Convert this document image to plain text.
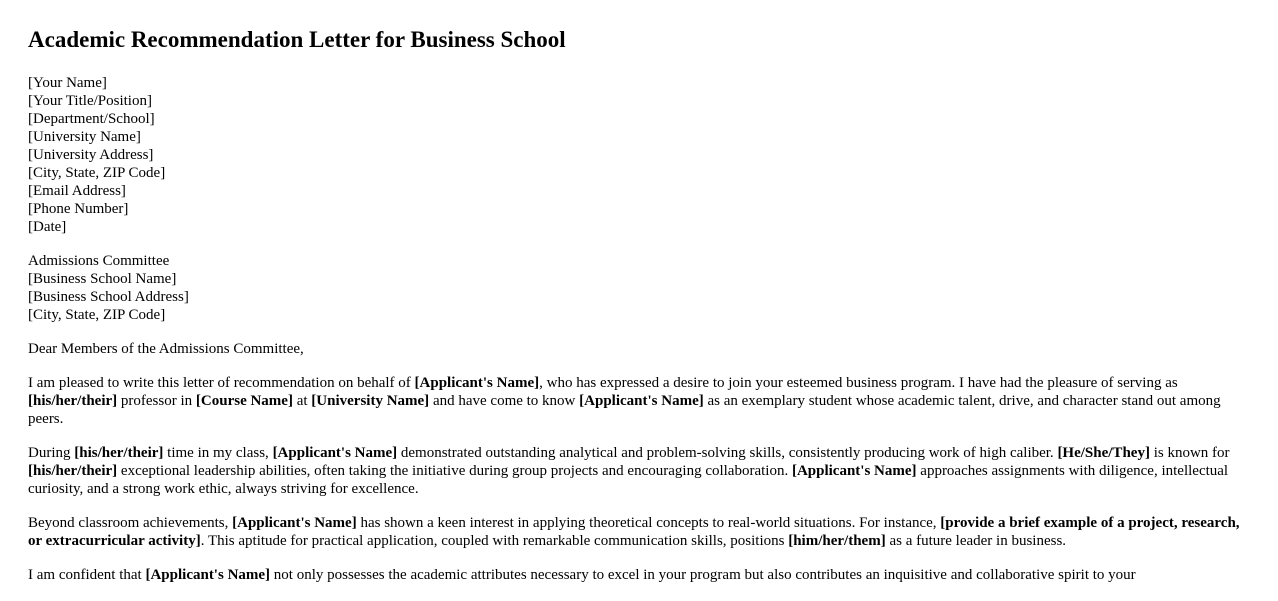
Academic Recommendation Letter for Business School
[Your Name]
[Your Title/Position]
[Department/School]
[University Name]
[University Address]
[City, State, ZIP Code]
[Email Address]
[Phone Number]
[Date]
Admissions Committee
[Business School Name]
[Business School Address]
[City, State, ZIP Code]

Dear Members of the Admissions Committee,

I am pleased to write this letter of recommendation on behalf of [Applicant's Name], who has expressed a desire to join your esteemed business program. I have had the pleasure of serving as [his/her/their] professor in [Course Name] at [University Name] and have come to know [Applicant's Name] as an exemplary student whose academic talent, drive, and character stand out among peers.

During [his/her/their] time in my class, [Applicant's Name] demonstrated outstanding analytical and problem-solving skills, consistently producing work of high caliber. [He/She/They] is known for [his/her/their] exceptional leadership abilities, often taking the initiative during group projects and encouraging collaboration. [Applicant's Name] approaches assignments with diligence, intellectual curiosity, and a strong work ethic, always striving for excellence.

Beyond classroom achievements, [Applicant's Name] has shown a keen interest in applying theoretical concepts to real-world situations. For instance, [provide a brief example of a project, research, or extracurricular activity]. This aptitude for practical application, coupled with remarkable communication skills, positions [him/her/them] as a future leader in business.

I am confident that [Applicant's Name] not only possesses the academic attributes necessary to excel in your program but also contributes an inquisitive and collaborative spirit to your
